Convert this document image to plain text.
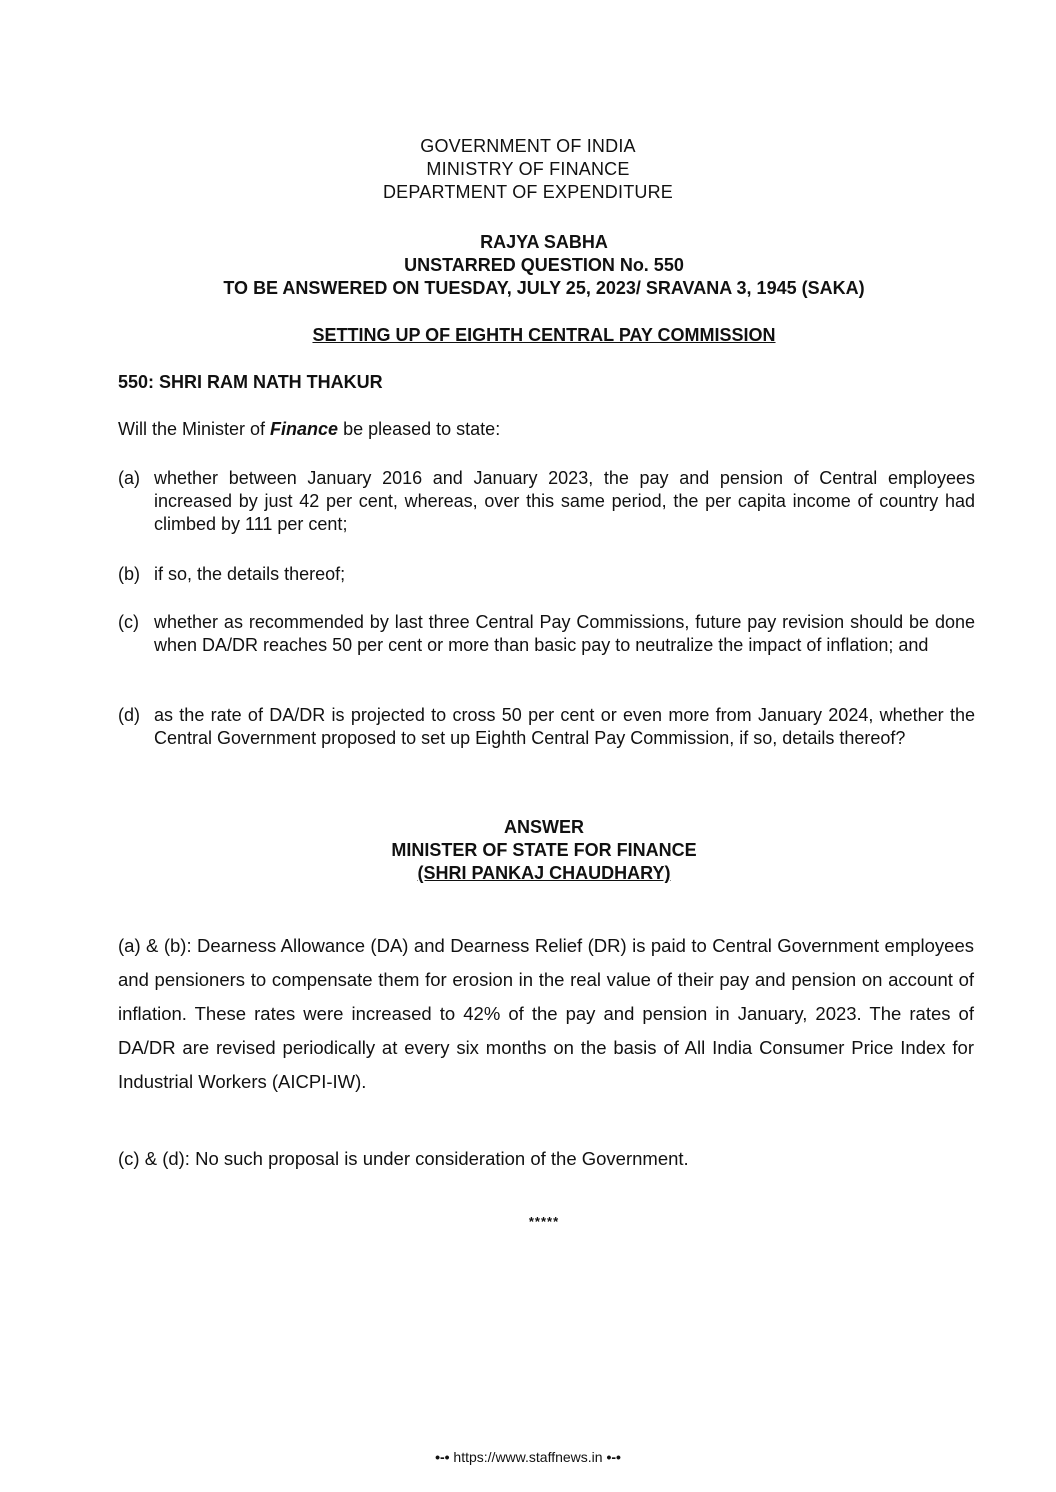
GOVERNMENT OF INDIA
MINISTRY OF FINANCE
DEPARTMENT OF EXPENDITURE
RAJYA SABHA
UNSTARRED QUESTION No. 550
TO BE ANSWERED ON TUESDAY, JULY 25, 2023/ SRAVANA 3, 1945 (SAKA)
SETTING UP OF EIGHTH CENTRAL PAY COMMISSION
550: SHRI RAM NATH THAKUR
Will the Minister of Finance be pleased to state:
(a) whether between January 2016 and January 2023, the pay and pension of Central employees increased by just 42 per cent, whereas, over this same period, the per capita income of country had climbed by 111 per cent;
(b) if so, the details thereof;
(c) whether as recommended by last three Central Pay Commissions, future pay revision should be done when DA/DR reaches 50 per cent or more than basic pay to neutralize the impact of inflation; and
(d) as the rate of DA/DR is projected to cross 50 per cent or even more from January 2024, whether the Central Government proposed to set up Eighth Central Pay Commission, if so, details thereof?
ANSWER
MINISTER OF STATE FOR FINANCE
(SHRI PANKAJ CHAUDHARY)
(a) & (b): Dearness Allowance (DA) and Dearness Relief (DR) is paid to Central Government employees and pensioners to compensate them for erosion in the real value of their pay and pension on account of inflation. These rates were increased to 42% of the pay and pension in January, 2023. The rates of DA/DR are revised periodically at every six months on the basis of All India Consumer Price Index for Industrial Workers (AICPI-IW).
(c) & (d): No such proposal is under consideration of the Government.
*****
•-• https://www.staffnews.in •-•
